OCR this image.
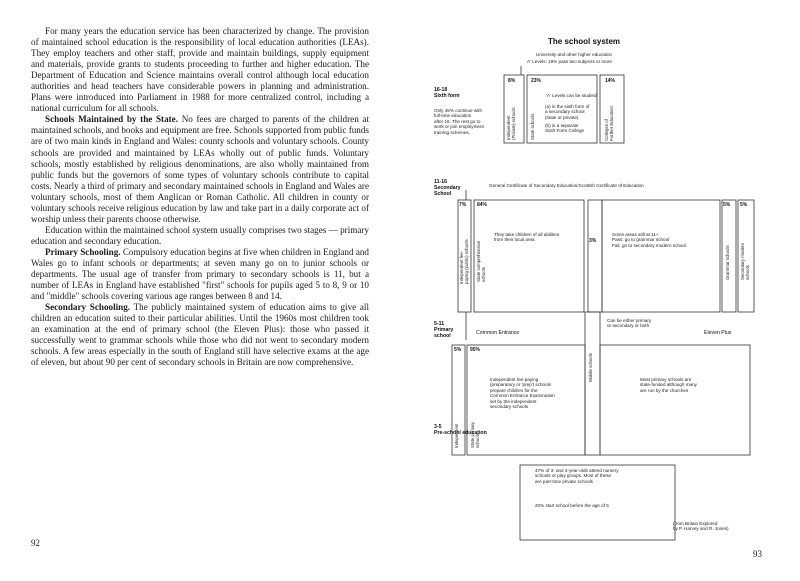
For many years the education service has been characterized by change. The provision of maintained school education is the responsibility of local education authorities (LEAs). They employ teachers and other staff, provide and maintain buildings, supply equipment and materials, provide grants to students proceeding to further and higher education. The Department of Education and Science maintains overall control although local education authorities and head teachers have considerable powers in planning and administration. Plans were introduced into Parliament in 1988 for more centralized control, including a national curriculum for all schools.

Schools Maintained by the State. No fees are charged to parents of the children at maintained schools, and books and equipment are free. Schools supported from public funds are of two main kinds in England and Wales: county schools and voluntary schools. County schools are provided and maintained by LEAs wholly out of public funds. Voluntary schools, mostly established by religious denominations, are also wholly maintained from public funds but the governors of some types of voluntary schools contribute to capital costs. Nearly a third of primary and secondary maintained schools in England and Wales are voluntary schools, most of them Anglican or Roman Catholic. All children in county or voluntary schools receive religious education by law and take part in a daily corporate act of worship unless their parents choose otherwise.

Education within the maintained school system usually comprises two stages — primary education and secondary education.

Primary Schooling. Compulsory education begins at five when children in England and Wales go to infant schools or departments; at seven many go on to junior schools or departments. The usual age of transfer from primary to secondary schools is 11, but a number of LEAs in England have established "first" schools for pupils aged 5 to 8, 9 or 10 and "middle" schools covering various age ranges between 8 and 14.

Secondary Schooling. The publicly maintained system of education aims to give all children an education suited to their particular abilities. Until the 1960s most children took an examination at the end of primary school (the Eleven Plus): those who passed it successfully went to grammar schools while those who did not went to secondary modern schools. A few areas especially in the south of England still have selective exams at the age of eleven, but about 90 per cent of secondary schools in Britain are now comprehensive.

92
The school system
University and other higher education
A' Levels: 19% pass two subjects or more
16-18
Sixth form
Only 45% continue with
full-time education
after 16. The rest go to
work or join employment
training schemes.
8%	23%	14%
'A' Levels can be studied
(a) in the sixth form of
a secondary school
(state or private)
(b) in a separate
Sixth Form College
Independent
(Private) schools	State schools	Colleges of
Further Education
11-16
Secondary
School
General Certificate of Secondary Education/Scottish Certificate of Education
7% 84%	5% 5%
3%
They take children of all abilities
from their local area
Some areas still at 11+
Pass: go to grammar school
Fail: go to secondary modern school
Independent fee-
paying (public) schools
State comprehensive
schools	Grammar schools Secondary modern
schools
5-11
Primary
school	Common Entrance	Eleven Plus
Can be either primary
or secondary or both
Middle schools
5% 95%
Independent fee-paying
(preparatory or 'prep') schools
prepare children for the
Common Entrance Examination
set by the independent
secondary schools
Most primary schools are
state-funded although many
are run by the churches
Independent	State primary
schools
3-5
Pre-school education
47% of 3- and 4-year-olds attend nursery
schools or play groups. Most of these
are part-time private schools
20% start school before the age of 5
(from Britain Explored
by P. Harvey and R. Jones)
93
